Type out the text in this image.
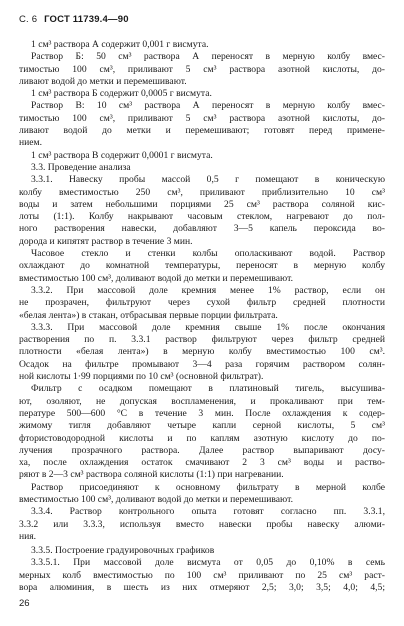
С. 6 ГОСТ 11739.4—90
1 см³ раствора А содержит 0,001 г висмута.
Раствор Б: 50 см³ раствора А переносят в мерную колбу вмес-
тимостью 100 см³, приливают 5 см³ раствора азотной кислоты, до-
ливают водой до метки и перемешивают.
1 см³ раствора Б содержит 0,0005 г висмута.
Раствор В: 10 см³ раствора А переносят в мерную колбу вмес-
тимостью 100 см³, приливают 5 см³ раствора азотной кислоты, до-
ливают водой до метки и перемешивают; готовят перед примене-
нием.
1 см³ раствора В содержит 0,0001 г висмута.
3.3. Проведение анализа
3.3.1. Навеску пробы массой 0,5 г помещают в коническую
колбу вместимостью 250 см³, приливают приблизительно 10 см³
воды и затем небольшими порциями 25 см³ раствора соляной кис-
лоты (1:1). Колбу накрывают часовым стеклом, нагревают до пол-
ного растворения навески, добавляют 3—5 капель пероксида во-
дорода и кипятят раствор в течение 3 мин.
Часовое стекло и стенки колбы ополаскивают водой. Раствор
охлаждают до комнатной температуры, переносят в мерную колбу
вместимостью 100 см³, доливают водой до метки и перемешивают.
3.3.2. При массовой доле кремния менее 1% раствор, если он
не прозрачен, фильтруют через сухой фильтр средней плотности
«белая лента») в стакан, отбрасывая первые порции фильтрата.
3.3.3. При массовой доле кремния свыше 1% после окончания
растворения по п. 3.3.1 раствор фильтруют через фильтр средней
плотности «белая лента») в мерную колбу вместимостью 100 см³.
Осадок на фильтре промывают 3—4 раза горячим раствором солян-
ной кислоты 1·99 порциями по 10 см³ (основной фильтрат).
Фильтр с осадком помещают в платиновый тигель, высушива-
ют, озоляют, не допуская воспламенения, и прокаливают при тем-
пературе 500—600 °С в течение 3 мин. После охлаждения к содер-
жимому тигля добавляют четыре капли серной кислоты, 5 см³
фтористоводородной кислоты и по каплям азотную кислоту до по-
лучения прозрачного раствора. Далее раствор выпаривают досу-
ха, после охлаждения остаток смачивают 2 3 см³ воды и раство-
ряют в 2—3 см³ раствора соляной кислоты (1:1) при нагревании.
Раствор присоединяют к основному фильтрату в мерной колбе
вместимостью 100 см³, доливают водой до метки и перемешивают.
3.3.4. Раствор контрольного опыта готовят согласно пп. 3.3.1,
3.3.2 или 3.3.3, используя вместо навески пробы навеску алюми-
ния.
3.3.5. Построение градуировочных графиков
3.3.5.1. При массовой доле висмута от 0,05 до 0,10% в семь
мерных колб вместимостью по 100 см³ приливают по 25 см³ раст-
вора алюминия, в шесть из них отмеряют 2,5; 3,0; 3,5; 4,0; 4,5;
26
